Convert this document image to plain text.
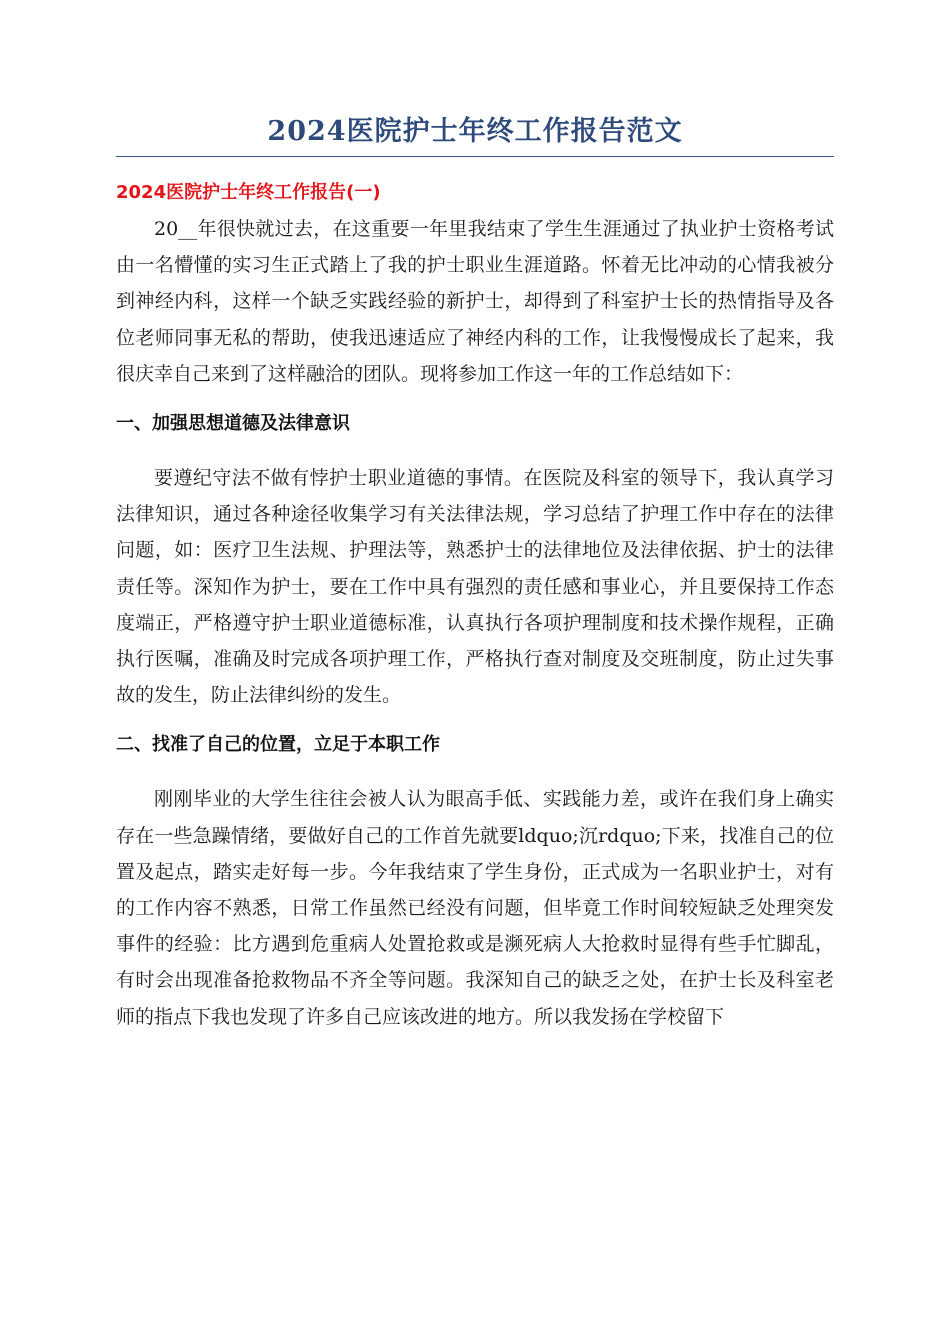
2024医院护士年终工作报告范文
2024医院护士年终工作报告(一)

20__年很快就过去，在这重要一年里我结束了学生生涯通过了执业护士资格考试由一名懵懂的实习生正式踏上了我的护士职业生涯道路。怀着无比冲动的心情我被分到神经内科，这样一个缺乏实践经验的新护士，却得到了科室护士长的热情指导及各位老师同事无私的帮助，使我迅速适应了神经内科的工作，让我慢慢成长了起来，我很庆幸自己来到了这样融洽的团队。现将参加工作这一年的工作总结如下：

一、加强思想道德及法律意识

要遵纪守法不做有悖护士职业道德的事情。在医院及科室的领导下，我认真学习法律知识，通过各种途径收集学习有关法律法规，学习总结了护理工作中存在的法律问题，如：医疗卫生法规、护理法等，熟悉护士的法律地位及法律依据、护士的法律责任等。深知作为护士，要在工作中具有强烈的责任感和事业心，并且要保持工作态度端正，严格遵守护士职业道德标准，认真执行各项护理制度和技术操作规程，正确执行医嘱，准确及时完成各项护理工作，严格执行查对制度及交班制度，防止过失事故的发生，防止法律纠纷的发生。

二、找准了自己的位置，立足于本职工作

刚刚毕业的大学生往往会被人认为眼高手低、实践能力差，或许在我们身上确实存在一些急躁情绪，要做好自己的工作首先就要ldquo;沉rdquo;下来，找准自己的位置及起点，踏实走好每一步。今年我结束了学生身份，正式成为一名职业护士，对有的工作内容不熟悉，日常工作虽然已经没有问题，但毕竟工作时间较短缺乏处理突发事件的经验：比方遇到危重病人处置抢救或是濒死病人大抢救时显得有些手忙脚乱，有时会出现准备抢救物品不齐全等问题。我深知自己的缺乏之处，在护士长及科室老师的指点下我也发现了许多自己应该改进的地方。所以我发扬在学校留下
